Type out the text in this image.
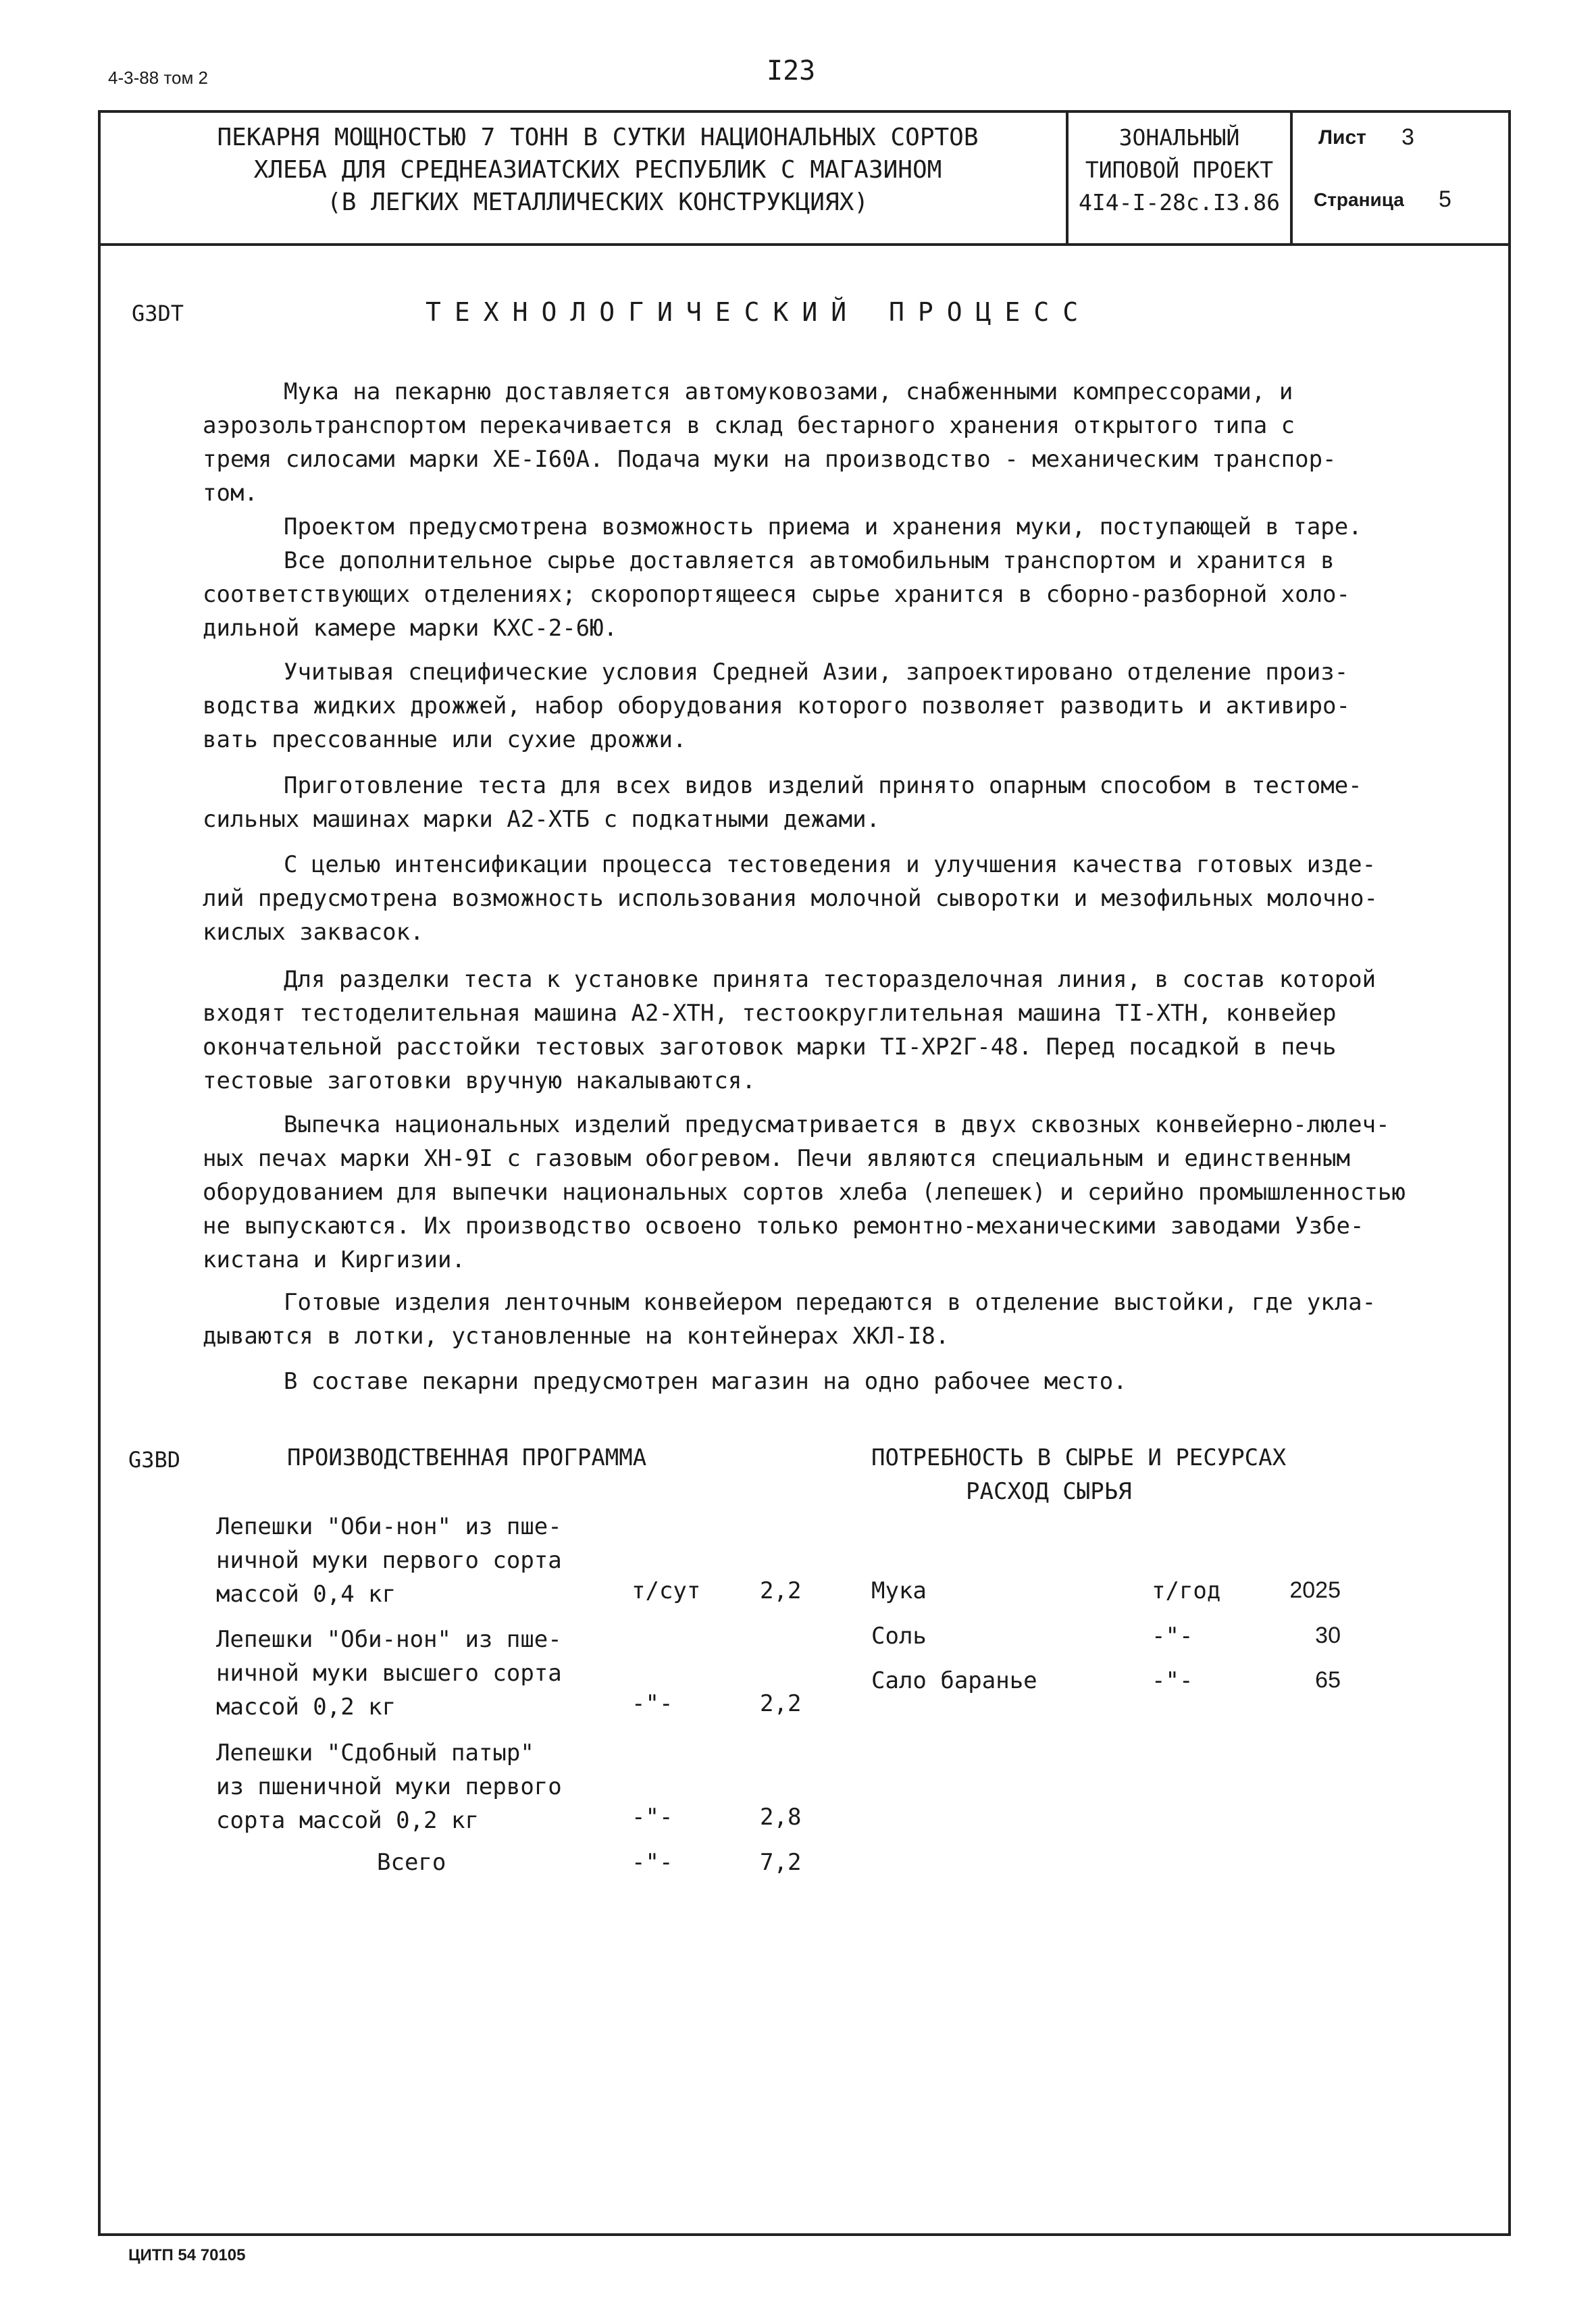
4-3-88 том 2	I23
ПЕКАРНЯ МОЩНОСТЬЮ 7 ТОНН В СУТКИ НАЦИОНАЛЬНЫХ СОРТОВ
ХЛЕБА ДЛЯ СРЕДНЕАЗИАТСКИХ РЕСПУБЛИК С МАГАЗИНОМ
(В ЛЕГКИХ МЕТАЛЛИЧЕСКИХ КОНСТРУКЦИЯХ)
ЗОНАЛЬНЫЙ
ТИПОВОЙ ПРОЕКТ
4I4-I-28с.I3.86
Лист 3
Страница 5
G3DT	ТЕХНОЛОГИЧЕСКИЙ ПРОЦЕСС
Мука на пекарню доставляется автомуковозами, снабженными компрессорами, и
аэрозольтранспортом перекачивается в склад бестарного хранения открытого типа с
тремя силосами марки ХЕ-I60А. Подача муки на производство - механическим транспор-
том.
Проектом предусмотрена возможность приема и хранения муки, поступающей в таре.
Все дополнительное сырье доставляется автомобильным транспортом и хранится в
соответствующих отделениях; скоропортящееся сырье хранится в сборно-разборной холо-
дильной камере марки КХС-2-6Ю.
Учитывая специфические условия Средней Азии, запроектировано отделение произ-
водства жидких дрожжей, набор оборудования которого позволяет разводить и активиро-
вать прессованные или сухие дрожжи.
Приготовление теста для всех видов изделий принято опарным способом в тестоме-
сильных машинах марки А2-ХТБ с подкатными дежами.
С целью интенсификации процесса тестоведения и улучшения качества готовых изде-
лий предусмотрена возможность использования молочной сыворотки и мезофильных молочно-
кислых заквасок.
Для разделки теста к установке принята тестоpазделочная линия, в состав которой
входят тестоделительная машина А2-ХТН, тестоокруглительная машина ТI-ХТН, конвейер
окончательной расстойки тестовых заготовок марки ТI-ХР2Г-48. Перед посадкой в печь
тестовые заготовки вручную накалываются.
Выпечка национальных изделий предусматривается в двух сквозных конвейерно-люлеч-
ных печах марки ХН-9I с газовым обогревом. Печи являются специальным и единственным
оборудованием для выпечки национальных сортов хлеба (лепешек) и серийно промышленностью
не выпускаются. Их производство освоено только ремонтно-механическими заводами Узбе-
кистана и Киргизии.
Готовые изделия ленточным конвейером передаются в отделение выстойки, где укла-
дываются в лотки, установленные на контейнерах ХКЛ-I8.
В составе пекарни предусмотрен магазин на одно рабочее место.
G3BD	ПРОИЗВОДСТВЕННАЯ ПРОГРАММА	ПОТРЕБНОСТЬ В СЫРЬЕ И РЕСУРСАХ
РАСХОД СЫРЬЯ
Лепешки "Оби-нон" из пше-
ничной муки первого сорта
массой 0,4 кг	т/сут	2,2
Лепешки "Оби-нон" из пше-
ничной муки высшего сорта
массой 0,2 кг	-"-	2,2
Лепешки "Сдобный патыр"
из пшеничной муки первого
сорта массой 0,2 кг	-"-	2,8
Всего	-"-	7,2
Мука	т/год	2025
Соль	-"-	30
Сало баранье	-"-	65
ЦИТП 54 70105
